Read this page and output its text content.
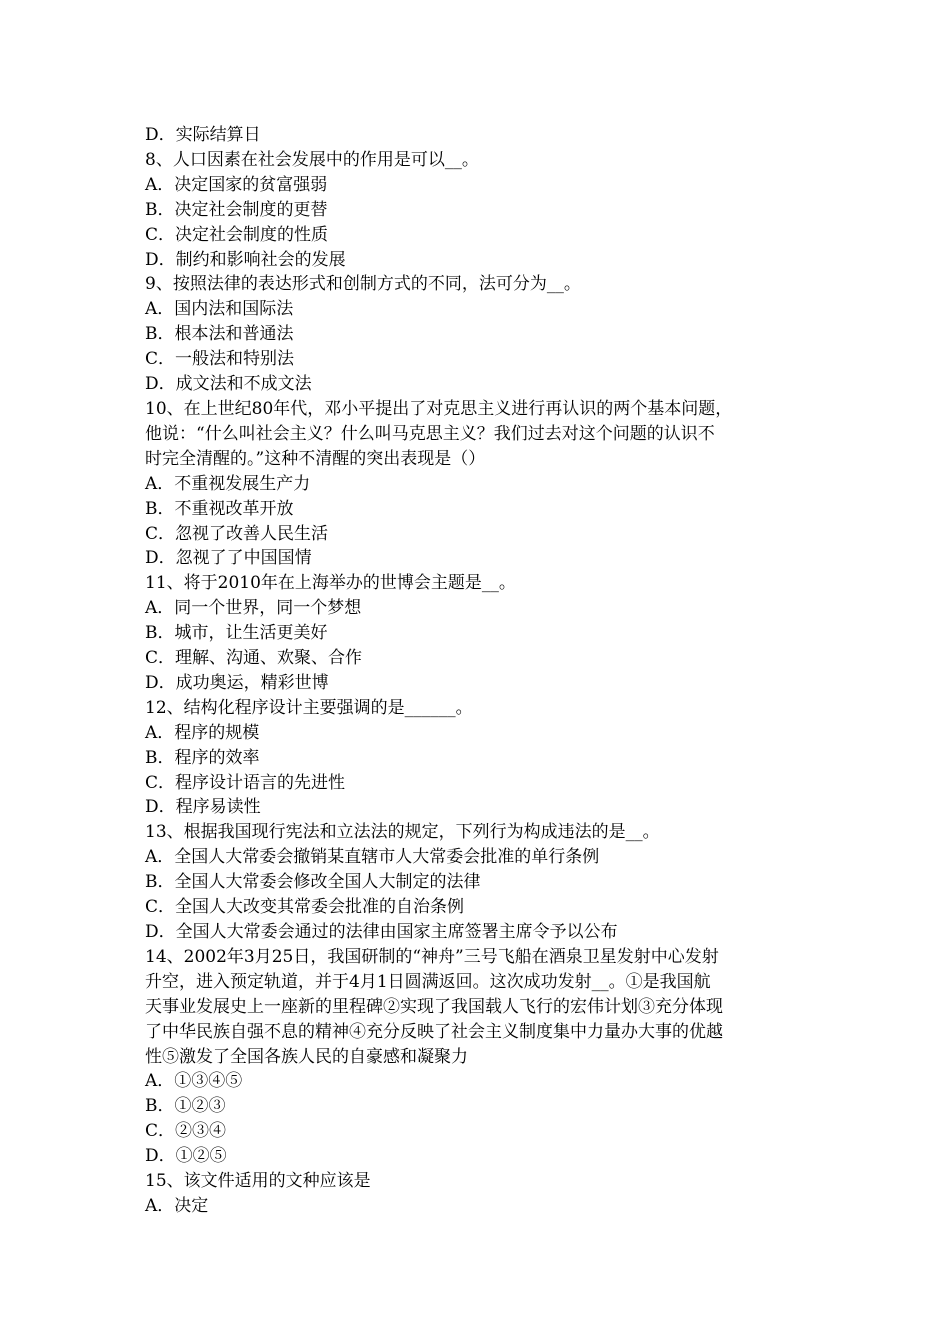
D．实际结算日

8、人口因素在社会发展中的作用是可以__。

A．决定国家的贫富强弱

B．决定社会制度的更替

C．决定社会制度的性质

D．制约和影响社会的发展

9、按照法律的表达形式和创制方式的不同，法可分为__。

A．国内法和国际法

B．根本法和普通法

C．一般法和特别法

D．成文法和不成文法

10、在上世纪80年代，邓小平提出了对克思主义进行再认识的两个基本问题，

他说：“什么叫社会主义？什么叫马克思主义？我们过去对这个问题的认识不

时完全清醒的。”这种不清醒的突出表现是（）

A．不重视发展生产力

B．不重视改革开放

C．忽视了改善人民生活

D．忽视了了中国国情

11、将于2010年在上海举办的世博会主题是__。

A．同一个世界，同一个梦想

B．城市，让生活更美好

C．理解、沟通、欢聚、合作

D．成功奥运，精彩世博

12、结构化程序设计主要强调的是______。

A．程序的规模

B．程序的效率

C．程序设计语言的先进性

D．程序易读性

13、根据我国现行宪法和立法法的规定，下列行为构成违法的是__。

A．全国人大常委会撤销某直辖市人大常委会批准的单行条例

B．全国人大常委会修改全国人大制定的法律

C．全国人大改变其常委会批准的自治条例

D．全国人大常委会通过的法律由国家主席签署主席令予以公布

14、2002年3月25日，我国研制的“神舟”三号飞船在酒泉卫星发射中心发射

升空，进入预定轨道，并于4月1日圆满返回。这次成功发射__。①是我国航

天事业发展史上一座新的里程碑②实现了我国载人飞行的宏伟计划③充分体现

了中华民族自强不息的精神④充分反映了社会主义制度集中力量办大事的优越

性⑤激发了全国各族人民的自豪感和凝聚力

A．①③④⑤

B．①②③

C．②③④

D．①②⑤

15、该文件适用的文种应该是

A．决定
